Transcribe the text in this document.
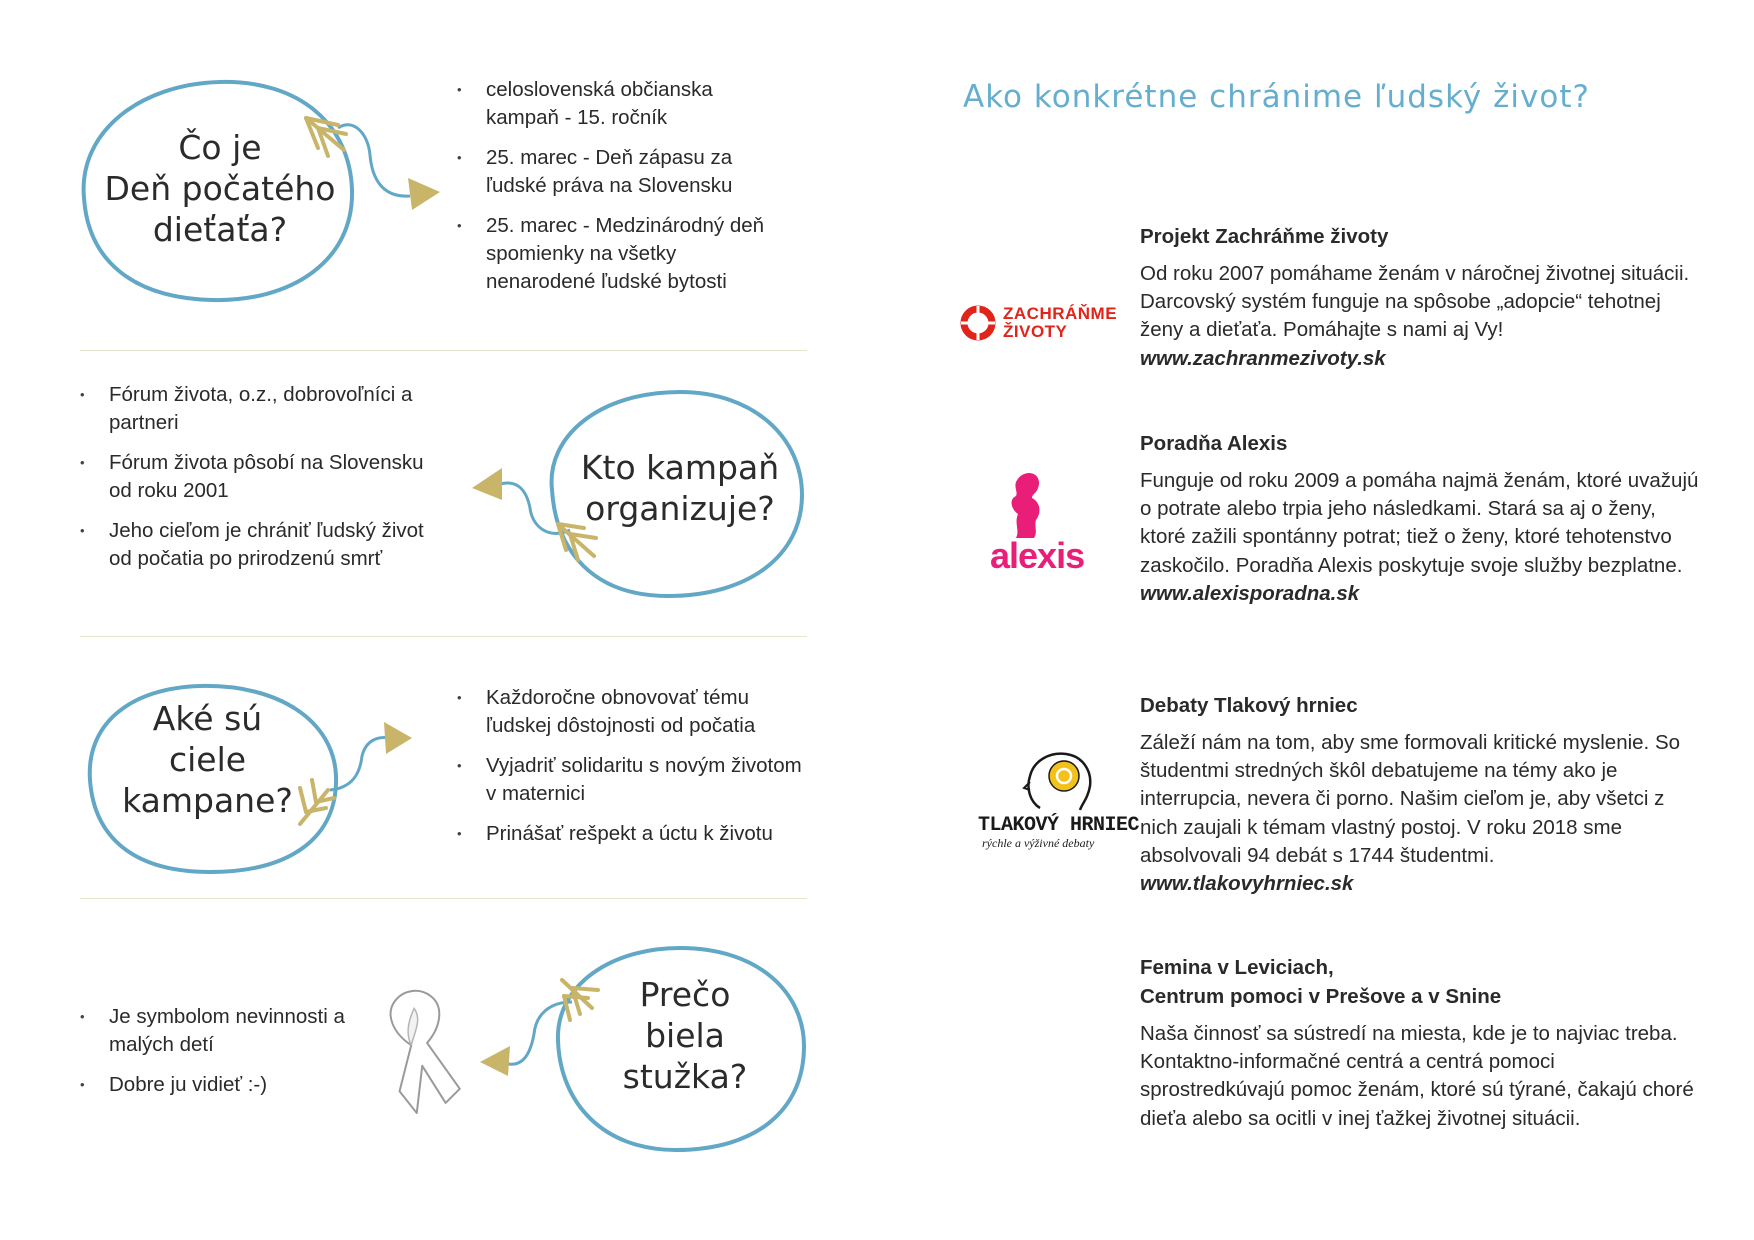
Čo je
Deň počatého
dieťaťa?
Kto kampaň
organizuje?
Aké sú
ciele
kampane?
Prečo
biela
stužka?
• celoslovenská občianska kampaň - 15. ročník
• 25. marec - Deň zápasu za ľudské práva na Slovensku
• 25. marec - Medzinárodný deň spomienky na všetky nenarodené ľudské bytosti
• Fórum života, o.z., dobrovoľníci a partneri
• Fórum života pôsobí na Slovensku od roku 2001
• Jeho cieľom je chrániť ľudský život od počatia po prirodzenú smrť
• Každoročne obnovovať tému ľudskej dôstojnosti od počatia
• Vyjadriť solidaritu s novým životom v maternici
• Prinášať rešpekt a úctu k životu
• Je symbolom nevinnosti a malých detí
• Dobre ju vidieť :-)
Ako konkrétne chránime ľudský život?
ZACHRÁŇME
ŽIVOTY
alexis
TLAKOVÝ HRNIEC
rýchle a výživné debaty

Projekt Zachráňme životy

Od roku 2007 pomáhame ženám v náročnej životnej situácii. Darcovský systém funguje na spôsobe „adopcie“ tehotnej ženy a dieťaťa. Pomáhajte s nami aj Vy!

www.zachranmezivoty.sk

Poradňa Alexis

Funguje od roku 2009 a pomáha najmä ženám, ktoré uvažujú o potrate alebo trpia jeho následkami. Stará sa aj o ženy, ktoré zažili spontánny potrat; tiež o ženy, ktoré tehotenstvo zaskočilo. Poradňa Alexis poskytuje svoje služby bezplatne.

www.alexisporadna.sk

Debaty Tlakový hrniec

Záleží nám na tom, aby sme formovali kritické myslenie. So študentmi stredných škôl debatujeme na témy ako je interrupcia, nevera či porno. Našim cieľom je, aby všetci z nich zaujali k témam vlastný postoj. V roku 2018 sme absolvovali 94 debát s 1744 študentmi.

www.tlakovyhrniec.sk

Femina v Leviciach,

Centrum pomoci v Prešove a v Snine

Naša činnosť sa sústredí na miesta, kde je to najviac treba. Kontaktno-informačné centrá a centrá pomoci sprostredkúvajú pomoc ženám, ktoré sú týrané, čakajú choré dieťa alebo sa ocitli v inej ťažkej životnej situácii.
